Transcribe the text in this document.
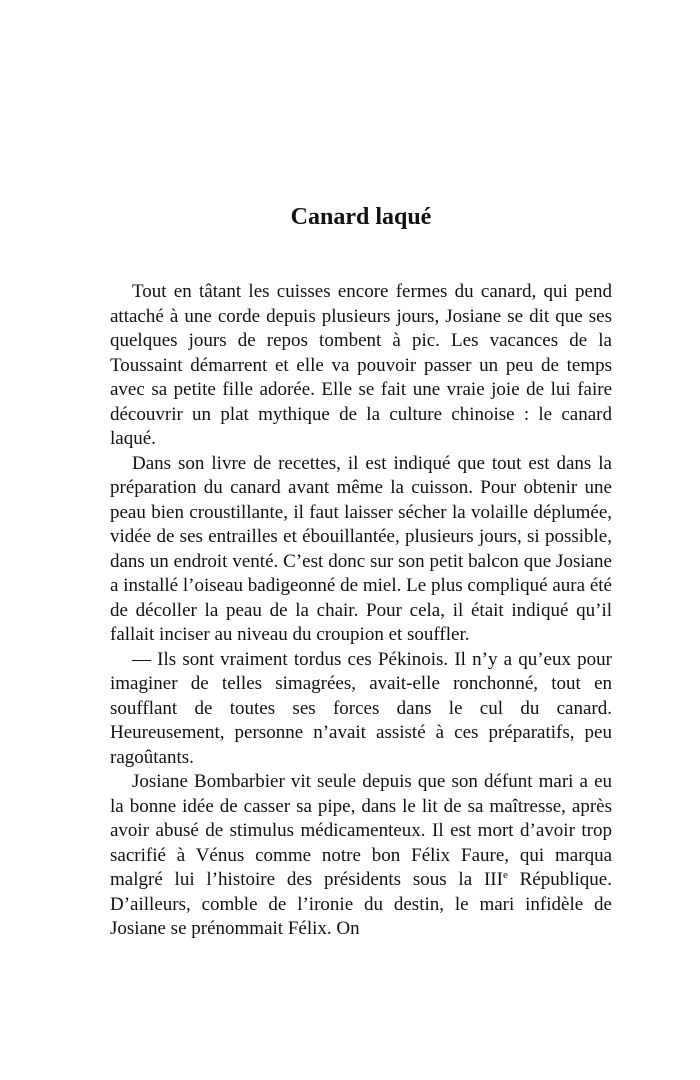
Canard laqué

Tout en tâtant les cuisses encore fermes du canard, qui pend attaché à une corde depuis plusieurs jours, Josiane se dit que ses quelques jours de repos tombent à pic. Les vacances de la Toussaint démarrent et elle va pouvoir passer un peu de temps avec sa petite fille adorée. Elle se fait une vraie joie de lui faire découvrir un plat mythique de la culture chinoise : le canard laqué.

Dans son livre de recettes, il est indiqué que tout est dans la préparation du canard avant même la cuisson. Pour obtenir une peau bien croustillante, il faut laisser sécher la volaille déplumée, vidée de ses entrailles et ébouillantée, plusieurs jours, si possible, dans un endroit venté. C’est donc sur son petit balcon que Josiane a installé l’oiseau badigeonné de miel. Le plus compliqué aura été de décoller la peau de la chair. Pour cela, il était indiqué qu’il fallait inciser au niveau du croupion et souffler.

— Ils sont vraiment tordus ces Pékinois. Il n’y a qu’eux pour imaginer de telles simagrées, avait-elle ronchonné, tout en soufflant de toutes ses forces dans le cul du canard. Heureusement, personne n’avait assisté à ces préparatifs, peu ragoûtants.

Josiane Bombarbier vit seule depuis que son défunt mari a eu la bonne idée de casser sa pipe, dans le lit de sa maîtresse, après avoir abusé de stimulus médicamenteux. Il est mort d’avoir trop sacrifié à Vénus comme notre bon Félix Faure, qui marqua malgré lui l’histoire des présidents sous la IIIe République. D’ailleurs, comble de l’ironie du destin, le mari infidèle de Josiane se prénommait Félix. On
